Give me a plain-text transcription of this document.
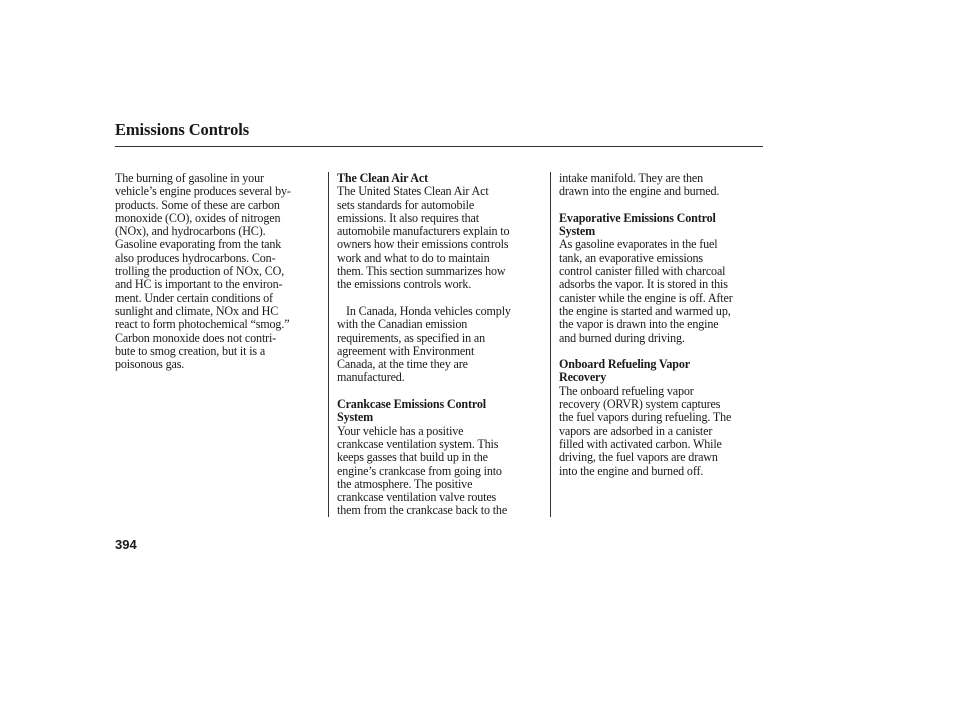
Emissions Controls
The burning of gasoline in your
vehicle’s engine produces several by-
products. Some of these are carbon
monoxide (CO), oxides of nitrogen
(NOx), and hydrocarbons (HC).
Gasoline evaporating from the tank
also produces hydrocarbons. Con-
trolling the production of NOx, CO,
and HC is important to the environ-
ment. Under certain conditions of
sunlight and climate, NOx and HC
react to form photochemical “smog.”
Carbon monoxide does not contri-
bute to smog creation, but it is a
poisonous gas.
The Clean Air Act
The United States Clean Air Act
sets standards for automobile
emissions. It also requires that
automobile manufacturers explain to
owners how their emissions controls
work and what to do to maintain
them. This section summarizes how
the emissions controls work.
In Canada, Honda vehicles comply
with the Canadian emission
requirements, as specified in an
agreement with Environment
Canada, at the time they are
manufactured.
Crankcase Emissions Control
System
Your vehicle has a positive
crankcase ventilation system. This
keeps gasses that build up in the
engine’s crankcase from going into
the atmosphere. The positive
crankcase ventilation valve routes
them from the crankcase back to the
intake manifold. They are then
drawn into the engine and burned.
Evaporative Emissions Control
System
As gasoline evaporates in the fuel
tank, an evaporative emissions
control canister filled with charcoal
adsorbs the vapor. It is stored in this
canister while the engine is off. After
the engine is started and warmed up,
the vapor is drawn into the engine
and burned during driving.
Onboard Refueling Vapor
Recovery
The onboard refueling vapor
recovery (ORVR) system captures
the fuel vapors during refueling. The
vapors are adsorbed in a canister
filled with activated carbon. While
driving, the fuel vapors are drawn
into the engine and burned off.
394
